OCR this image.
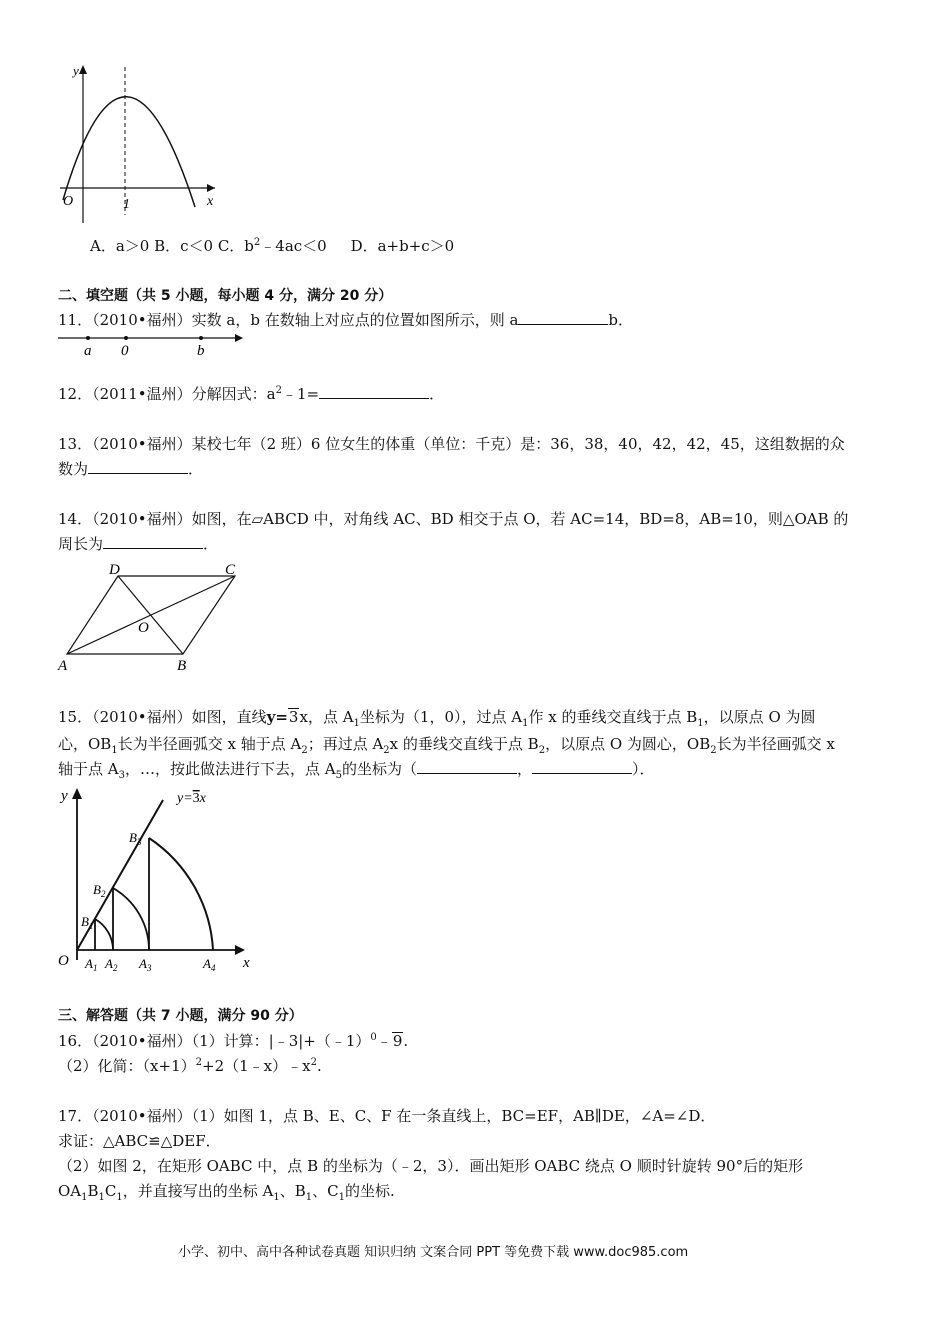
y
x
O	1
A．a＞0 B．c＜0 C．$b^2﹣4ac<0$ D．a+b+c＞0
二、填空题（共 5 小题，每小题 4 分，满分 20 分）
11．（2010•福州）实数 a，b 在数轴上对应点的位置如图所示，则 a	b．
a 0	b
12．（2011•温州）分解因式：$a^2﹣1=$	．
13．（2010•福州）某校七年（2 班）6 位女生的体重（单位：千克）是：36，38，40，42，42，45，这组数据的众
数为	．
14．（2010•福州）如图，在▱ABCD 中，对角线 AC、BD 相交于点 O，若 AC=14，BD=8，AB=10，则△OAB 的
周长为	．
D	C
O
A	B
15．（2010•福州）如图，直线y=3x，点 $A_1$坐标为（1，0），过点 $A_1$作 x 的垂线交直线于点 $B_1$，以原点 O 为圆
心，$OB_1$长为半径画弧交 x 轴于点 $A_2$；再过点 $A_2x$ 的垂线交直线于点 $B_2$，以原点 O 为圆心，$OB_2$长为半径画弧交 x
轴于点 $A_3$，…，按此做法进行下去，点 $A_5$的坐标为（	，	）．
y
x
O
y=3x
$B_1$
$B_2$
$B_3$
$A_1$ $A_2$ $A_3$	$A_4$
三、解答题（共 7 小题，满分 90 分）
16．（2010•福州）（1）计算：|﹣3|+（﹣1）$^0$﹣9.
（2）化简：$(x+1)^2+2(1﹣x)﹣x^2$.
17．（2010•福州）（1）如图 1，点 B、E、C、F 在一条直线上，BC=EF，AB∥DE，∠A=∠D．
求证：△ABC≌△DEF．
（2）如图 2，在矩形 OABC 中，点 B 的坐标为（﹣2，3）．画出矩形 OABC 绕点 O 顺时针旋转 90°后的矩形
$OA_1B_1C_1$，并直接写出的坐标 $A_1$、$B_1$、$C_1$的坐标.
小学、初中、高中各种试卷真题 知识归纳 文案合同 PPT 等免费下载 www.doc985.com
